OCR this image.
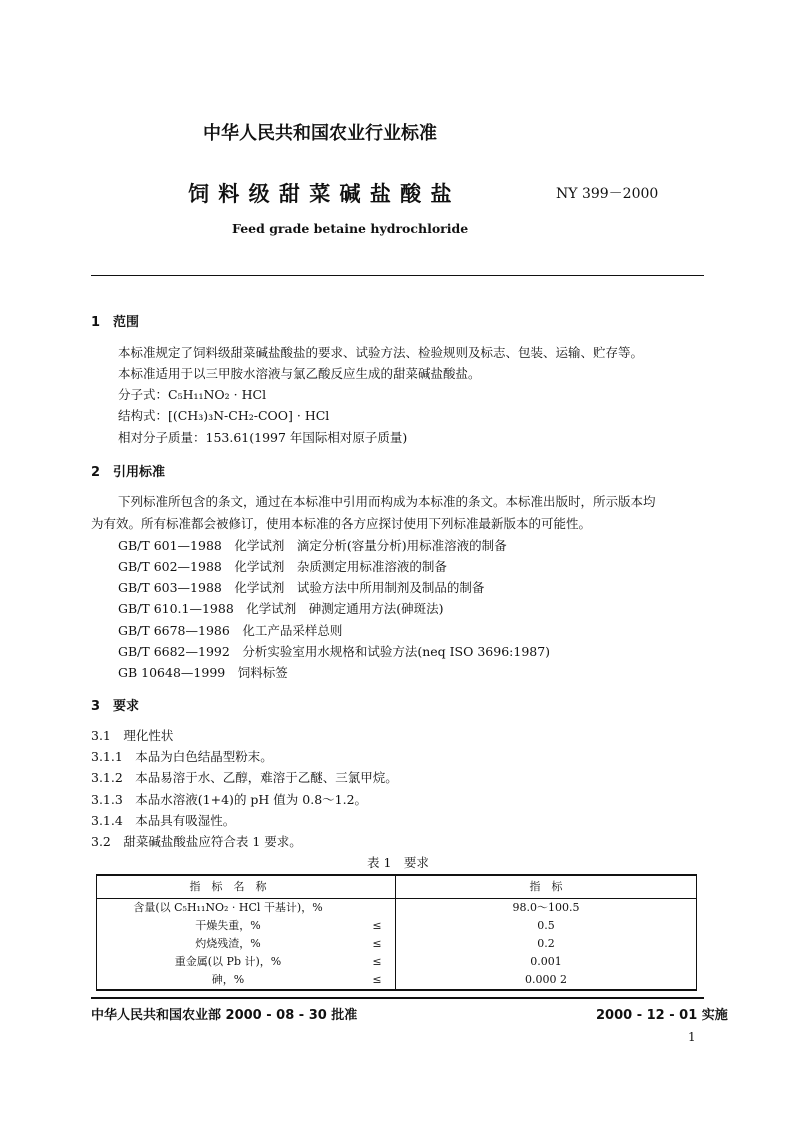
中华人民共和国农业行业标准
饲 料 级 甜 菜 碱 盐 酸 盐	NY 399－2000
Feed grade betaine hydrochloride
1　范围
本标准规定了饲料级甜菜碱盐酸盐的要求、试验方法、检验规则及标志、包装、运输、贮存等。
本标准适用于以三甲胺水溶液与氯乙酸反应生成的甜菜碱盐酸盐。
分子式：C₅H₁₁NO₂ · HCl
结构式：[(CH₃)₃N-CH₂-COO] · HCl
相对分子质量：153.61(1997 年国际相对原子质量)
2　引用标准
下列标准所包含的条文，通过在本标准中引用而构成为本标准的条文。本标准出版时，所示版本均
为有效。所有标准都会被修订，使用本标准的各方应探讨使用下列标准最新版本的可能性。
GB/T 601—1988　化学试剂　滴定分析(容量分析)用标准溶液的制备
GB/T 602—1988　化学试剂　杂质测定用标准溶液的制备
GB/T 603—1988　化学试剂　试验方法中所用制剂及制品的制备
GB/T 610.1—1988　化学试剂　砷测定通用方法(砷斑法)
GB/T 6678—1986　化工产品采样总则
GB/T 6682—1992　分析实验室用水规格和试验方法(neq ISO 3696:1987)
GB 10648—1999　饲料标签
3　要求
3.1　理化性状
3.1.1　本品为白色结晶型粉末。
3.1.2　本品易溶于水、乙醇，难溶于乙醚、三氯甲烷。
3.1.3　本品水溶液(1+4)的 pH 值为 0.8～1.2。
3.1.4　本品具有吸湿性。
3.2　甜菜碱盐酸盐应符合表 1 要求。
表 1　要求
指　标　名　称		指　标
含量(以 C₅H₁₁NO₂ · HCl 干基计)，%		98.0～100.5
干燥失重，%	≤	0.5
灼烧残渣，%	≤	0.2
重金属(以 Pb 计)，%	≤	0.001
砷，%	≤	0.000 2
中华人民共和国农业部 2000 - 08 - 30 批准	2000 - 12 - 01 实施
1
